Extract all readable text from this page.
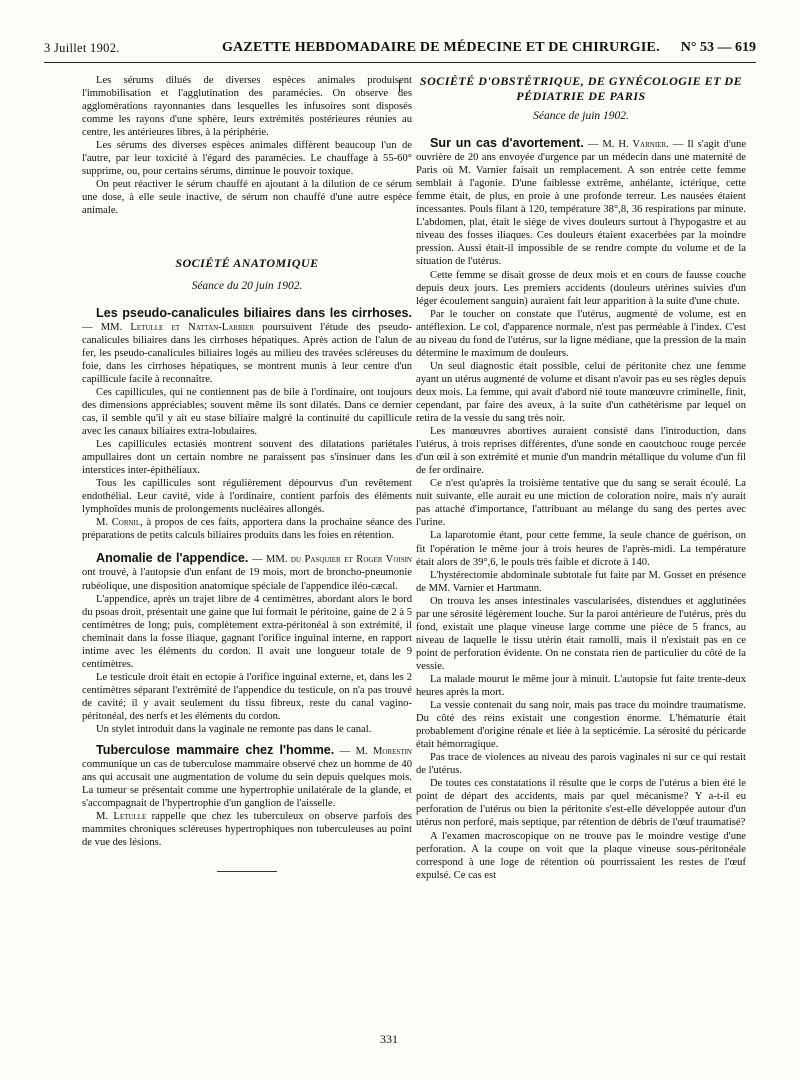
3 Juillet 1902.	GAZETTE HEBDOMADAIRE DE MÉDECINE ET DE CHIRURGIE. N° 53 — 619

Les sérums dilués de diverses espèces animales produisent l'immobilisation et l'agglutination des paramécies. On observe des agglomérations rayonnantes dans lesquelles les infusoires sont disposés comme les rayons d'une sphère, leurs extrémités postérieures réunies au centre, les antérieures libres, à la périphérie.

Les sérums des diverses espèces animales diffèrent beaucoup l'un de l'autre, par leur toxicité à l'égard des paramécies. Le chauffage à 55-60° supprime, ou, pour certains sérums, diminue le pouvoir toxique.

On peut réactiver le sérum chauffé en ajoutant à la dilution de ce sérum une dose, à elle seule inactive, de sérum non chauffé d'une autre espèce animale.

SOCIÉTÉ ANATOMIQUE
Séance du 20 juin 1902.

Les pseudo-canalicules biliaires dans les cirrhoses. — MM. Letulle et Nattan-Larrier poursuivent l'étude des pseudo-canalicules biliaires dans les cirrhoses hépatiques. Après action de l'alun de fer, les pseudo-canalicules biliaires logés au milieu des travées scléreuses du foie, dans les cirrhoses hépatiques, se montrent munis à leur centre d'un capillicule facile à reconnaître.

Ces capillicules, qui ne contiennent pas de bile à l'ordinaire, ont toujours des dimensions appréciables; souvent même ils sont dilatés. Dans ce dernier cas, il semble qu'il y ait eu stase biliaire malgré la continuité du capillicule avec les canaux biliaires extra-lobulaires.

Les capillicules ectasiés montrent souvent des dilatations pariétales ampullaires dont un certain nombre ne paraissent pas s'insinuer dans les interstices inter-épithéliaux.

Tous les capillicules sont régulièrement dépourvus d'un revêtement endothélial. Leur cavité, vide à l'ordinaire, contient parfois des éléments lymphoïdes munis de prolongements nucléaires allongés.

M. Cornil, à propos de ces faits, apportera dans la prochaine séance des préparations de petits calculs biliaires produits dans les foies en rétention.

Anomalie de l'appendice. — MM. du Pasquier et Roger Voisin ont trouvé, à l'autopsie d'un enfant de 19 mois, mort de broncho-pneumonie rubéolique, une disposition anatomique spéciale de l'appendice iléo-cæcal.

L'appendice, après un trajet libre de 4 centimètres, abordant alors le bord du psoas droit, présentait une gaine que lui formait le péritoine, gaine de 2 à 5 centimètres de long; puis, complètement extra-péritonéal à son extrémité, il cheminait dans la fosse iliaque, gagnant l'orifice inguinal interne, en rapport intime avec les éléments du cordon. Il avait une longueur totale de 9 centimètres.

Le testicule droit était en ectopie à l'orifice inguinal externe, et, dans les 2 centimètres séparant l'extrémité de l'appendice du testicule, on n'a pas trouvé de cavité; il y avait seulement du tissu fibreux, reste du canal vagino-péritonéal, des nerfs et les éléments du cordon.

Un stylet introduit dans la vaginale ne remonte pas dans le canal.

Tuberculose mammaire chez l'homme. — M. Morestin communique un cas de tuberculose mammaire observé chez un homme de 40 ans qui accusait une augmentation de volume du sein depuis quelques mois. La tumeur se présentait comme une hypertrophie unilatérale de la glande, et s'accompagnait de l'hypertrophie d'un ganglion de l'aisselle.

M. Letulle rappelle que chez les tuberculeux on observe parfois des mammites chroniques scléreuses hypertrophiques non tuberculeuses au point de vue des lésions.

SOCIÉTÉ D'OBSTÉTRIQUE, DE GYNÉCOLOGIE ET DE PÉDIATRIE DE PARIS
Séance de juin 1902.

Sur un cas d'avortement. — M. H. Varnier. — Il s'agit d'une ouvrière de 20 ans envoyée d'urgence par un médecin dans une maternité de Paris où M. Varnier faisait un remplacement. A son entrée cette femme semblait à l'agonie. D'une faiblesse extrême, anhélante, ictérique, cette femme était, de plus, en proie à une profonde terreur. Les nausées étaient incessantes. Pouls filant à 120, température 38°,8, 36 respirations par minute. L'abdomen, plat, était le siège de vives douleurs surtout à l'hypogastre et au niveau des fosses iliaques. Ces douleurs étaient exacerbées par la moindre pression. Aussi était-il impossible de se rendre compte du volume et de la situation de l'utérus.

Cette femme se disait grosse de deux mois et en cours de fausse couche depuis deux jours. Les premiers accidents (douleurs utérines suivies d'un léger écoulement sanguin) auraient fait leur apparition à la suite d'une chute.

Par le toucher on constate que l'utérus, augmenté de volume, est en antéflexion. Le col, d'apparence normale, n'est pas perméable à l'index. C'est au niveau du fond de l'utérus, sur la ligne médiane, que la pression de la main détermine le maximum de douleurs.

Un seul diagnostic était possible, celui de péritonite chez une femme ayant un utérus augmenté de volume et disant n'avoir pas eu ses règles depuis deux mois. La femme, qui avait d'abord nié toute manœuvre criminelle, finit, cependant, par faire des aveux, à la suite d'un cathétérisme par lequel on retira de la vessie du sang très noir.

Les manœuvres abortives auraient consisté dans l'introduction, dans l'utérus, à trois reprises différentes, d'une sonde en caoutchouc rouge percée d'un œil à son extrémité et munie d'un mandrin métallique du volume d'un fil de fer ordinaire.

Ce n'est qu'après la troisième tentative que du sang se serait écoulé. La nuit suivante, elle aurait eu une miction de coloration noire, mais n'y aurait pas attaché d'importance, l'attribuant au mélange du sang des pertes avec l'urine.

La laparotomie étant, pour cette femme, la seule chance de guérison, on fit l'opération le même jour à trois heures de l'après-midi. La température était alors de 39°,6, le pouls très faible et dicrote à 140.

L'hystérectomie abdominale subtotale fut faite par M. Gosset en présence de MM. Varnier et Hartmann.

On trouva les anses intestinales vascularisées, distendues et agglutinées par une sérosité légèrement louche. Sur la paroi antérieure de l'utérus, près du fond, existait une plaque vineuse large comme une pièce de 5 francs, au niveau de laquelle le tissu utérin était ramolli, mais il n'existait pas en ce point de perforation évidente. On ne constata rien de particulier du côté de la vessie.

La malade mourut le même jour à minuit. L'autopsie fut faite trente-deux heures après la mort.

La vessie contenait du sang noir, mais pas trace du moindre traumatisme. Du côté des reins existait une congestion énorme. L'hématurie était probablement d'origine rénale et liée à la septicémie. La sérosité du péricarde était hémorragique.

Pas trace de violences au niveau des parois vaginales ni sur ce qui restait de l'utérus.

De toutes ces constatations il résulte que le corps de l'utérus a bien été le point de départ des accidents, mais par quel mécanisme? Y a-t-il eu perforation de l'utérus ou bien la péritonite s'est-elle développée autour d'un utérus non perforé, mais septique, par rétention de débris de l'œuf traumatisé?

A l'examen macroscopique on ne trouve pas le moindre vestige d'une perforation. A la coupe on voit que la plaque vineuse sous-péritonéale correspond à une loge de rétention où pourrissaient les restes de l'œuf expulsé. Ce cas est

331
